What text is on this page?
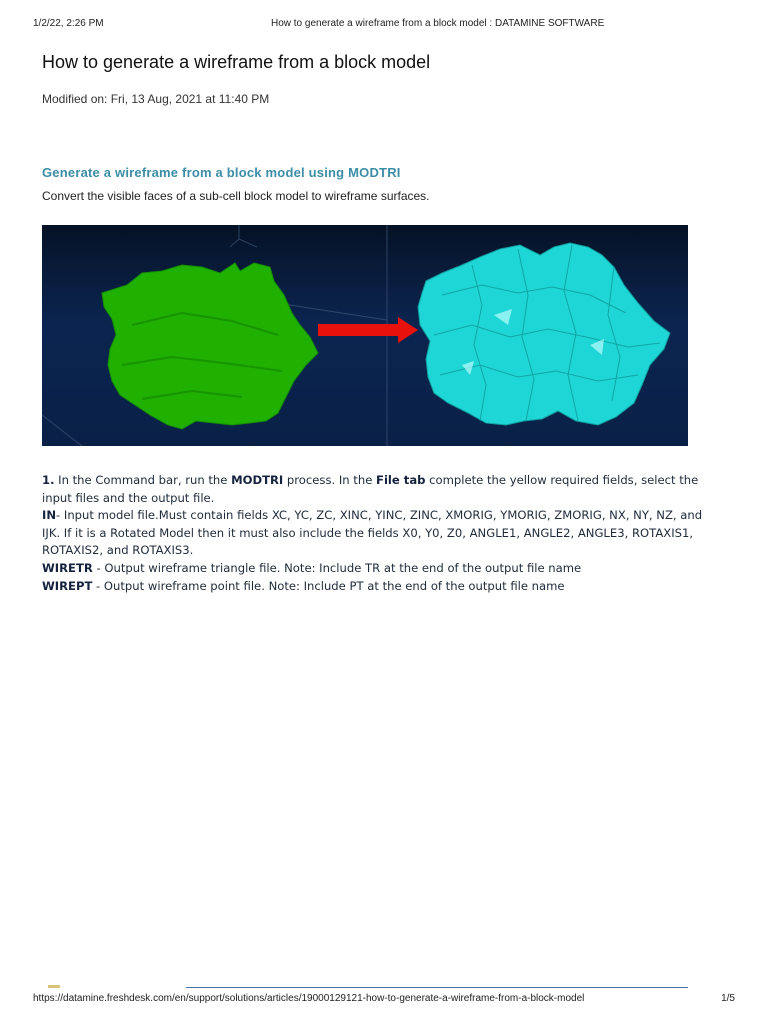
1/2/22, 2:26 PM	How to generate a wireframe from a block model : DATAMINE SOFTWARE
How to generate a wireframe from a block model
Modified on: Fri, 13 Aug, 2021 at 11:40 PM
Generate a wireframe from a block model using MODTRI
Convert the visible faces of a sub-cell block model to wireframe surfaces.

1. In the Command bar, run the MODTRI process. In the File tab complete the yellow required fields, select the input files and the output file.

IN- Input model file.Must contain fields XC, YC, ZC, XINC, YINC, ZINC, XMORIG, YMORIG, ZMORIG, NX, NY, NZ, and IJK. If it is a Rotated Model then it must also include the fields X0, Y0, Z0, ANGLE1, ANGLE2, ANGLE3, ROTAXIS1, ROTAXIS2, and ROTAXIS3.

WIRETR - Output wireframe triangle file. Note: Include TR at the end of the output file name

WIREPT - Output wireframe point file. Note: Include PT at the end of the output file name

https://datamine.freshdesk.com/en/support/solutions/articles/19000129121-how-to-generate-a-wireframe-from-a-block-model	1/5
